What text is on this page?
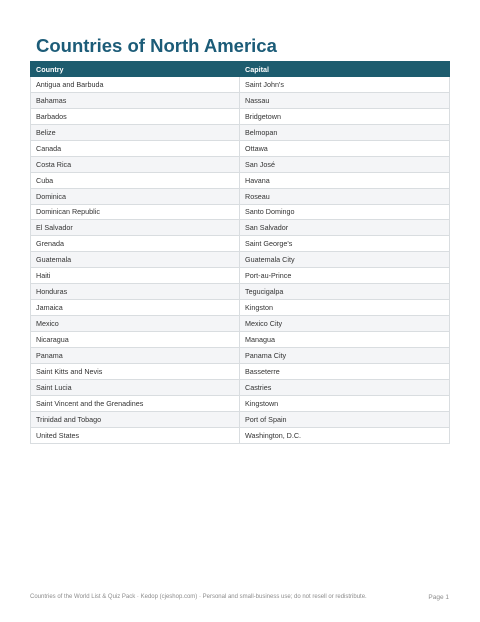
Countries of North America
Country	Capital
Antigua and Barbuda	Saint John's
Bahamas	Nassau
Barbados	Bridgetown
Belize	Belmopan
Canada	Ottawa
Costa Rica	San José
Cuba	Havana
Dominica	Roseau
Dominican Republic	Santo Domingo
El Salvador	San Salvador
Grenada	Saint George's
Guatemala	Guatemala City
Haiti	Port-au-Prince
Honduras	Tegucigalpa
Jamaica	Kingston
Mexico	Mexico City
Nicaragua	Managua
Panama	Panama City
Saint Kitts and Nevis	Basseterre
Saint Lucia	Castries
Saint Vincent and the Grenadines	Kingstown
Trinidad and Tobago	Port of Spain
United States	Washington, D.C.
Countries of the World List & Quiz Pack · Kedop (cjeshop.com) · Personal and small-business use; do not resell or redistribute.	Page 1
